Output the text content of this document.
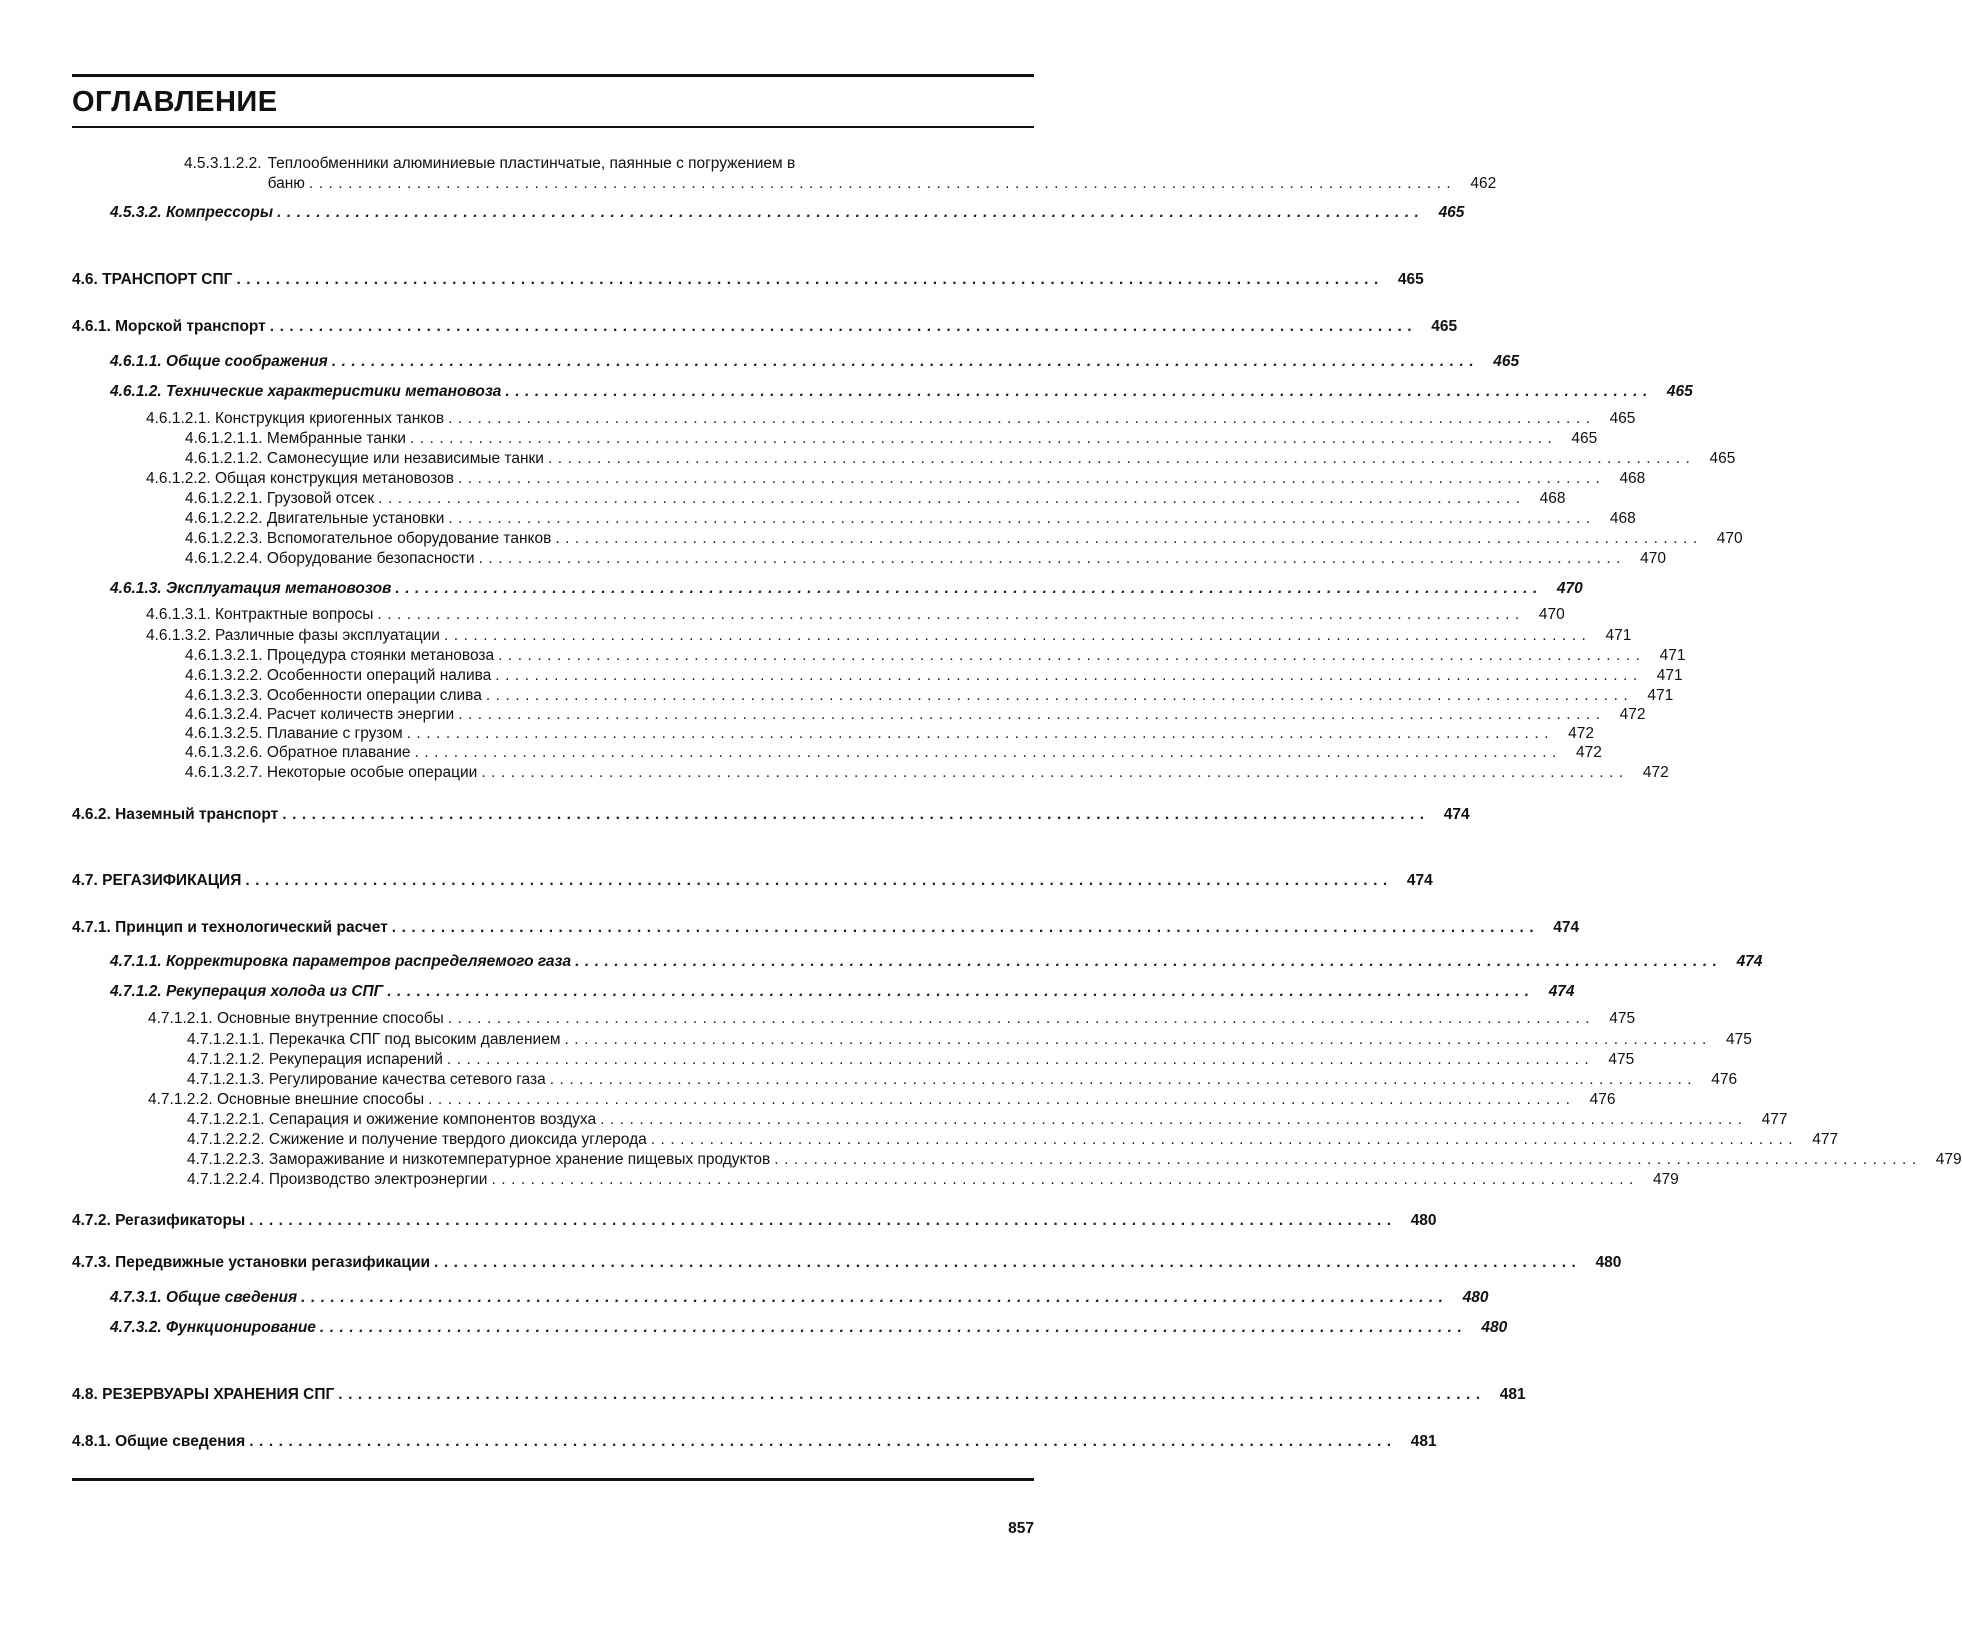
ОГЛАВЛЕНИЕ
4.5.3.1.2.2. Теплообменники алюминиевые пластинчатые, паянные с погружением в
баню ..................................................................................................................... 462
4.5.3.2.
Компрессоры ..................................................................................................................... 465
4.6.
ТРАНСПОРТ СПГ ..................................................................................................................... 465
4.6.1.
Морской транспорт ..................................................................................................................... 465
4.6.1.1.
Общие соображения ..................................................................................................................... 465
4.6.1.2.
Технические характеристики метановоза ..................................................................................................................... 465
4.6.1.2.1.
Конструкция криогенных танков ..................................................................................................................... 465
4.6.1.2.1.1.
Мембранные танки ..................................................................................................................... 465
4.6.1.2.1.2.
Самонесущие или независимые танки ..................................................................................................................... 465
4.6.1.2.2.
Общая конструкция метановозов ..................................................................................................................... 468
4.6.1.2.2.1.
Грузовой отсек ..................................................................................................................... 468
4.6.1.2.2.2.
Двигательные установки ..................................................................................................................... 468
4.6.1.2.2.3.
Вспомогательное оборудование танков ..................................................................................................................... 470
4.6.1.2.2.4.
Оборудование безопасности ..................................................................................................................... 470
4.6.1.3.
Эксплуатация метановозов ..................................................................................................................... 470
4.6.1.3.1.
Контрактные вопросы ..................................................................................................................... 470
4.6.1.3.2.
Различные фазы эксплуатации ..................................................................................................................... 471
4.6.1.3.2.1.
Процедура стоянки метановоза ..................................................................................................................... 471
4.6.1.3.2.2.
Особенности операций налива ..................................................................................................................... 471
4.6.1.3.2.3.
Особенности операции слива ..................................................................................................................... 471
4.6.1.3.2.4.
Расчет количеств энергии ..................................................................................................................... 472
4.6.1.3.2.5.
Плавание с грузом ..................................................................................................................... 472
4.6.1.3.2.6.
Обратное плавание ..................................................................................................................... 472
4.6.1.3.2.7.
Некоторые особые операции ..................................................................................................................... 472
4.6.2.
Наземный транспорт ..................................................................................................................... 474
4.7.
РЕГАЗИФИКАЦИЯ ..................................................................................................................... 474
4.7.1.
Принцип и технологический расчет ..................................................................................................................... 474
4.7.1.1.
Корректировка параметров распределяемого газа ..................................................................................................................... 474
4.7.1.2.
Рекуперация холода из СПГ ..................................................................................................................... 474
4.7.1.2.1.
Основные внутренние способы ..................................................................................................................... 475
4.7.1.2.1.1.
Перекачка СПГ под высоким давлением ..................................................................................................................... 475
4.7.1.2.1.2.
Рекуперация испарений ..................................................................................................................... 475
4.7.1.2.1.3.
Регулирование качества сетевого газа ..................................................................................................................... 476
4.7.1.2.2.
Основные внешние способы ..................................................................................................................... 476
4.7.1.2.2.1.
Сепарация и ожижение компонентов воздуха ..................................................................................................................... 477
4.7.1.2.2.2.
Сжижение и получение твердого диоксида углерода ..................................................................................................................... 477
4.7.1.2.2.3.
Замораживание и низкотемпературное хранение пищевых продуктов ..................................................................................................................... 479
4.7.1.2.2.4.
Производство электроэнергии ..................................................................................................................... 479
4.7.2.
Регазификаторы ..................................................................................................................... 480
4.7.3.
Передвижные установки регазификации ..................................................................................................................... 480
4.7.3.1.
Общие сведения ..................................................................................................................... 480
4.7.3.2.
Функционирование ..................................................................................................................... 480
4.8.
РЕЗЕРВУАРЫ ХРАНЕНИЯ СПГ ..................................................................................................................... 481
4.8.1.
Общие сведения ..................................................................................................................... 481
857
